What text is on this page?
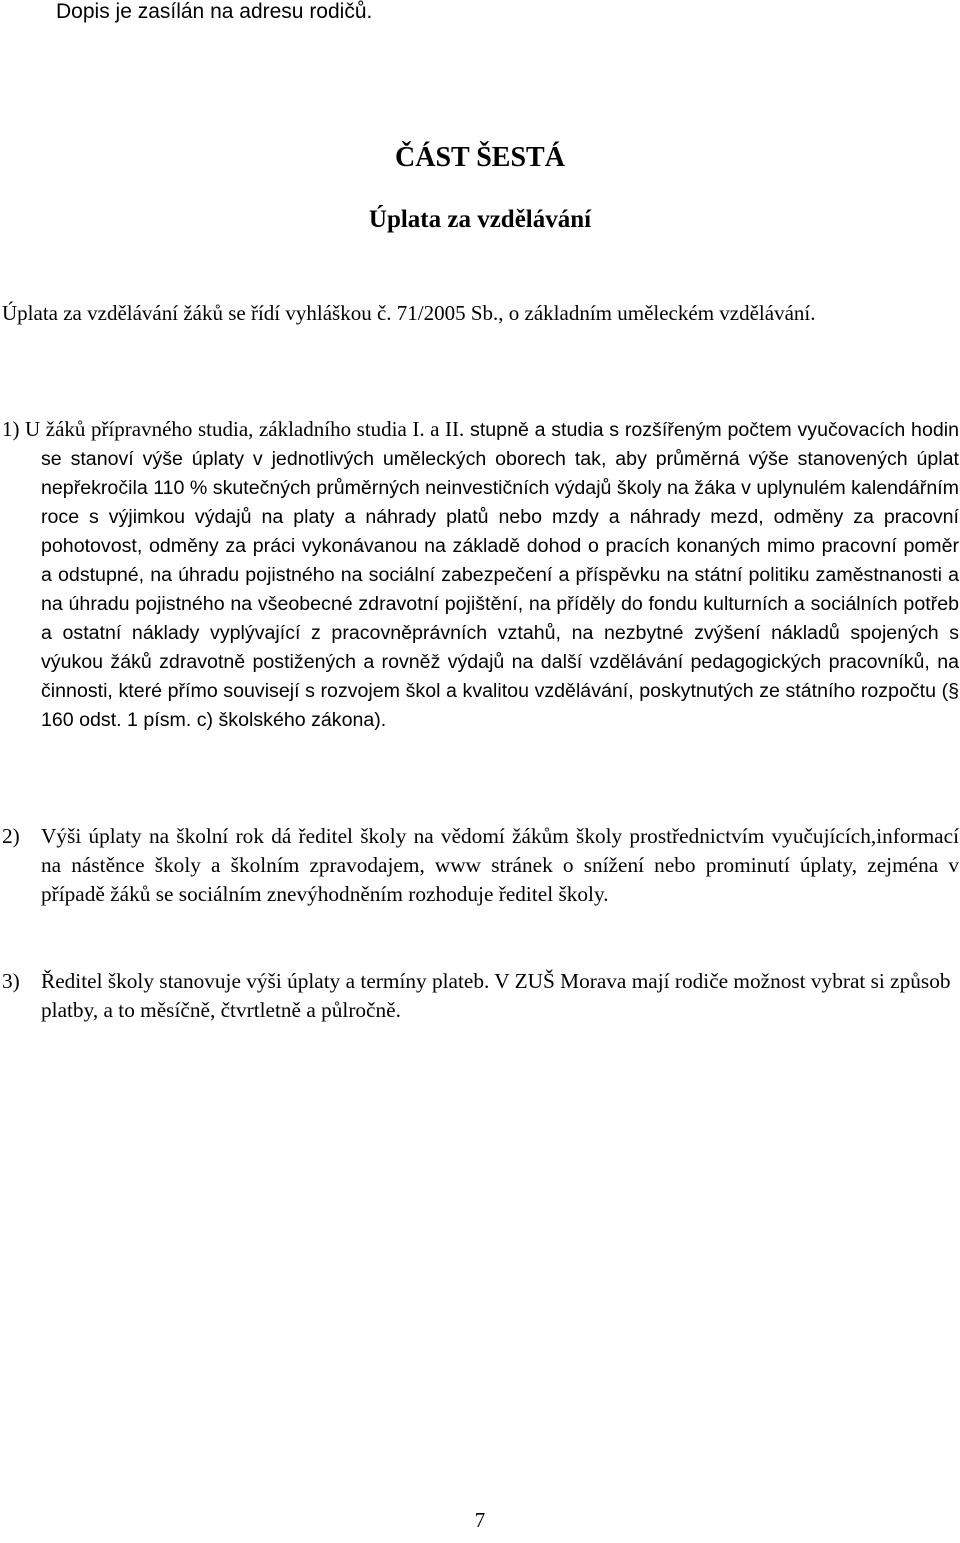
Dopis je zasílán na adresu rodičů.

ČÁST ŠESTÁ
Úplata za vzdělávání

Úplata za vzdělávání žáků se řídí vyhláškou č. 71/2005 Sb., o základním uměleckém vzdělávání.

1) U žáků přípravného studia, základního studia I. a II. stupně a studia s rozšířeným počtem vyučovacích hodin se stanoví výše úplaty v jednotlivých uměleckých oborech tak, aby průměrná výše stanovených úplat nepřekročila 110 % skutečných průměrných neinvestičních výdajů školy na žáka v uplynulém kalendářním roce s výjimkou výdajů na platy a náhrady platů nebo mzdy a náhrady mezd, odměny za pracovní pohotovost, odměny za práci vykonávanou na základě dohod o pracích konaných mimo pracovní poměr a odstupné, na úhradu pojistného na sociální zabezpečení a příspěvku na státní politiku zaměstnanosti a na úhradu pojistného na všeobecné zdravotní pojištění, na příděly do fondu kulturních a sociálních potřeb a ostatní náklady vyplývající z pracovněprávních vztahů, na nezbytné zvýšení nákladů spojených s výukou žáků zdravotně postižených a rovněž výdajů na další vzdělávání pedagogických pracovníků, na činnosti, které přímo souvisejí s rozvojem škol a kvalitou vzdělávání, poskytnutých ze státního rozpočtu (§ 160 odst. 1 písm. c) školského zákona).
2) Výši úplaty na školní rok dá ředitel školy na vědomí žákům školy prostřednictvím vyučujících,informací na nástěnce školy a školním zpravodajem, www stránek o snížení nebo prominutí úplaty, zejména v případě žáků se sociálním znevýhodněním rozhoduje ředitel školy.
3) Ředitel školy stanovuje výši úplaty a termíny plateb. V ZUŠ Morava mají rodiče možnost vybrat si způsob platby, a to měsíčně, čtvrtletně a půlročně.

7
